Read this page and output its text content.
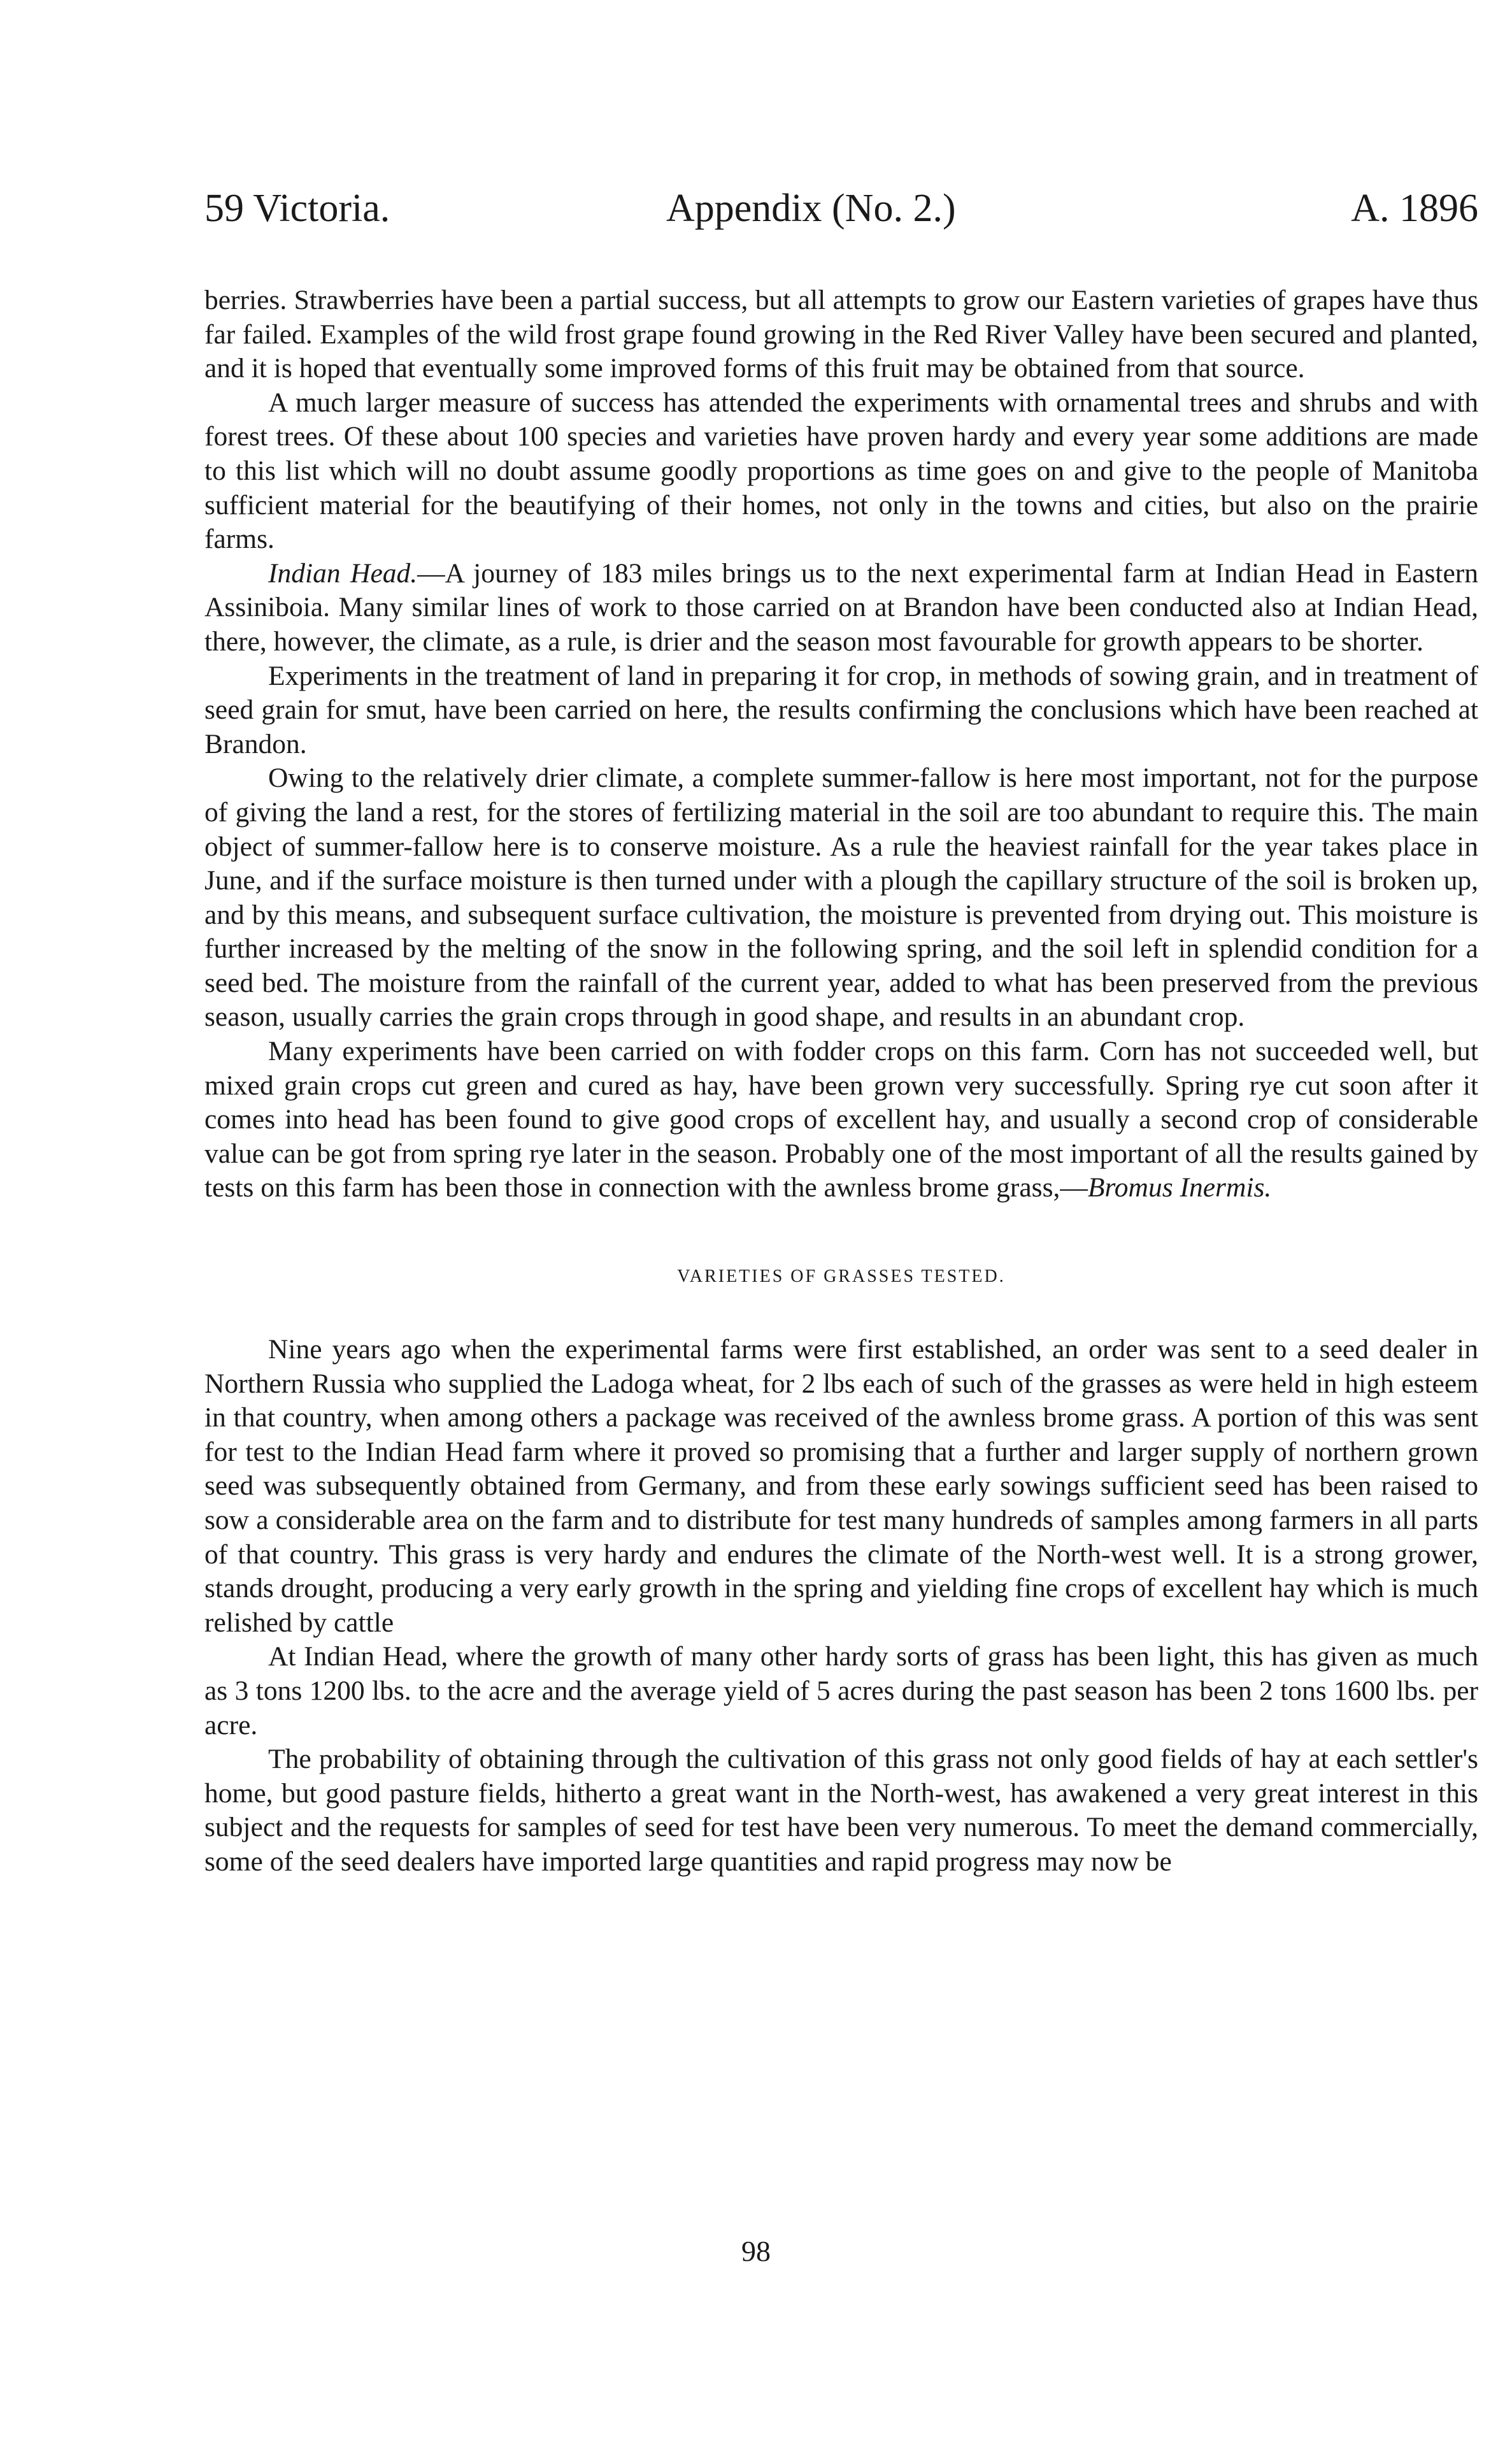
59 Victoria.	Appendix (No. 2.)	A. 1896

berries. Strawberries have been a partial success, but all attempts to grow our Eastern varieties of grapes have thus far failed. Examples of the wild frost grape found growing in the Red River Valley have been secured and planted, and it is hoped that eventually some improved forms of this fruit may be obtained from that source.

A much larger measure of success has attended the experiments with ornamental trees and shrubs and with forest trees. Of these about 100 species and varieties have proven hardy and every year some additions are made to this list which will no doubt assume goodly proportions as time goes on and give to the people of Manitoba sufficient material for the beautifying of their homes, not only in the towns and cities, but also on the prairie farms.

Indian Head.—A journey of 183 miles brings us to the next experimental farm at Indian Head in Eastern Assiniboia. Many similar lines of work to those carried on at Brandon have been conducted also at Indian Head, there, however, the climate, as a rule, is drier and the season most favourable for growth appears to be shorter.

Experiments in the treatment of land in preparing it for crop, in methods of sowing grain, and in treatment of seed grain for smut, have been carried on here, the results confirming the conclusions which have been reached at Brandon.

Owing to the relatively drier climate, a complete summer-fallow is here most important, not for the purpose of giving the land a rest, for the stores of fertilizing material in the soil are too abundant to require this. The main object of summer-fallow here is to conserve moisture. As a rule the heaviest rainfall for the year takes place in June, and if the surface moisture is then turned under with a plough the capillary structure of the soil is broken up, and by this means, and subsequent surface cultivation, the moisture is prevented from drying out. This moisture is further increased by the melting of the snow in the following spring, and the soil left in splendid condition for a seed bed. The moisture from the rainfall of the current year, added to what has been preserved from the previous season, usually carries the grain crops through in good shape, and results in an abundant crop.

Many experiments have been carried on with fodder crops on this farm. Corn has not succeeded well, but mixed grain crops cut green and cured as hay, have been grown very successfully. Spring rye cut soon after it comes into head has been found to give good crops of excellent hay, and usually a second crop of considerable value can be got from spring rye later in the season. Probably one of the most important of all the results gained by tests on this farm has been those in connection with the awnless brome grass,—Bromus Inermis.

VARIETIES OF GRASSES TESTED.

Nine years ago when the experimental farms were first established, an order was sent to a seed dealer in Northern Russia who supplied the Ladoga wheat, for 2 lbs each of such of the grasses as were held in high esteem in that country, when among others a package was received of the awnless brome grass. A portion of this was sent for test to the Indian Head farm where it proved so promising that a further and larger supply of northern grown seed was subsequently obtained from Germany, and from these early sowings sufficient seed has been raised to sow a considerable area on the farm and to distribute for test many hundreds of samples among farmers in all parts of that country. This grass is very hardy and endures the climate of the North-west well. It is a strong grower, stands drought, producing a very early growth in the spring and yielding fine crops of excellent hay which is much relished by cattle

At Indian Head, where the growth of many other hardy sorts of grass has been light, this has given as much as 3 tons 1200 lbs. to the acre and the average yield of 5 acres during the past season has been 2 tons 1600 lbs. per acre.

The probability of obtaining through the cultivation of this grass not only good fields of hay at each settler's home, but good pasture fields, hitherto a great want in the North-west, has awakened a very great interest in this subject and the requests for samples of seed for test have been very numerous. To meet the demand commercially, some of the seed dealers have imported large quantities and rapid progress may now be

98
